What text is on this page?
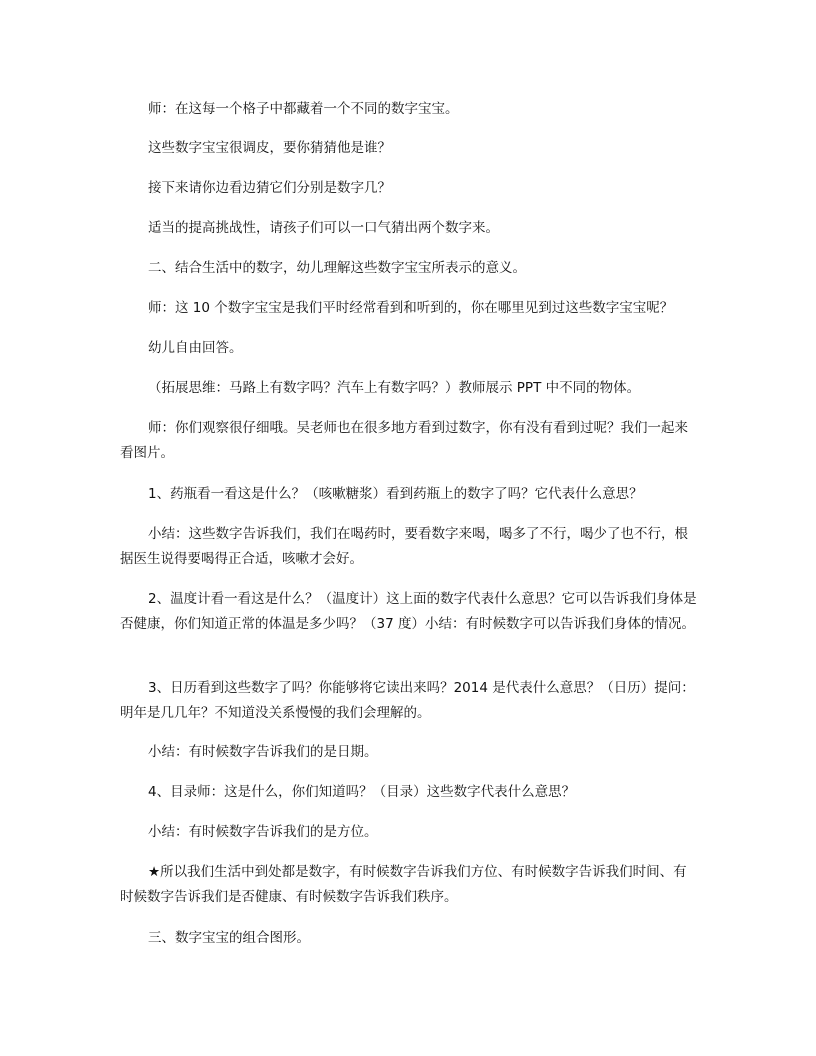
师：在这每一个格子中都藏着一个不同的数字宝宝。

这些数字宝宝很调皮，要你猜猜他是谁？

接下来请你边看边猜它们分别是数字几？

适当的提高挑战性，请孩子们可以一口气猜出两个数字来。

二、结合生活中的数字，幼儿理解这些数字宝宝所表示的意义。

师：这 10 个数字宝宝是我们平时经常看到和听到的，你在哪里见到过这些数字宝宝呢？

幼儿自由回答。

（拓展思维：马路上有数字吗？汽车上有数字吗？）教师展示 PPT 中不同的物体。

师：你们观察很仔细哦。吴老师也在很多地方看到过数字，你有没有看到过呢？我们一起来看图片。

1、药瓶看一看这是什么？（咳嗽糖浆）看到药瓶上的数字了吗？它代表什么意思？

小结：这些数字告诉我们，我们在喝药时，要看数字来喝，喝多了不行，喝少了也不行，根据医生说得要喝得正合适，咳嗽才会好。

2、温度计看一看这是什么？（温度计）这上面的数字代表什么意思？它可以告诉我们身体是否健康，你们知道正常的体温是多少吗？（37 度）小结：有时候数字可以告诉我们身体的情况。

3、日历看到这些数字了吗？你能够将它读出来吗？2014 是代表什么意思？（日历）提问：明年是几几年？不知道没关系慢慢的我们会理解的。

小结：有时候数字告诉我们的是日期。

4、目录师：这是什么，你们知道吗？（目录）这些数字代表什么意思？

小结：有时候数字告诉我们的是方位。

★所以我们生活中到处都是数字，有时候数字告诉我们方位、有时候数字告诉我们时间、有时候数字告诉我们是否健康、有时候数字告诉我们秩序。

三、数字宝宝的组合图形。
